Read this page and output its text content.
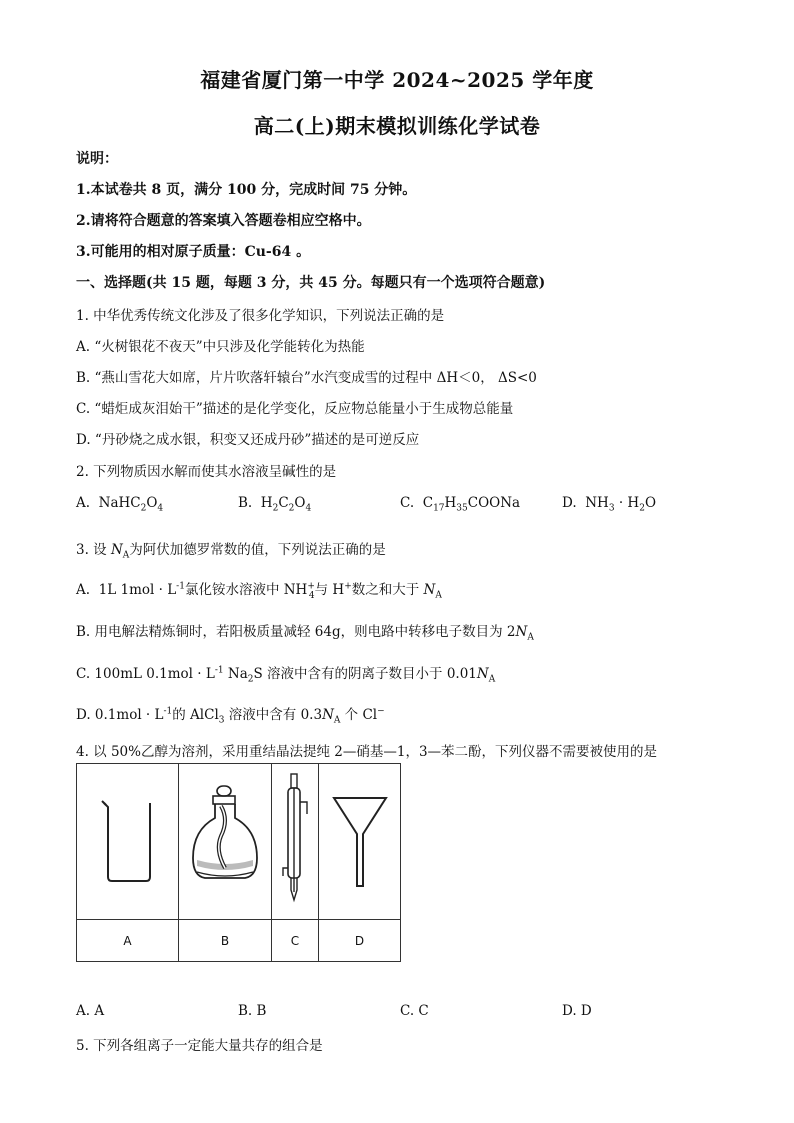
福建省厦门第一中学 2024~2025 学年度
高二(上)期末模拟训练化学试卷
说明：
1.本试卷共 8 页，满分 100 分，完成时间 75 分钟。
2.请将符合题意的答案填入答题卷相应空格中。
3.可能用的相对原子质量：Cu-64 。
一、选择题(共 15 题，每题 3 分，共 45 分。每题只有一个选项符合题意)
1. 中华优秀传统文化涉及了很多化学知识，下列说法正确的是
A. “火树银花不夜天”中只涉及化学能转化为热能
B. “燕山雪花大如席，片片吹落轩辕台”水汽变成雪的过程中 ΔH＜0， ΔS<0
C. “蜡炬成灰泪始干”描述的是化学变化，反应物总能量小于生成物总能量
D. “丹砂烧之成水银，积变又还成丹砂”描述的是可逆反应
2. 下列物质因水解而使其水溶液呈碱性的是
A.  $NaHC_2O_4$	B.  $H_2C_2O_4$	C.  $C_{17}H_{35}COONa$	D.  $NH_3 \cdot H_2O$
3. 设 $N_A$为阿伏加德罗常数的值，下列说法正确的是
A. 1L $1mol \cdot L^{-1}$氯化铵水溶液中 $NH^+_4$与 H+数之和大于 $N_A$
B. 用电解法精炼铜时，若阳极质量减轻 64g，则电路中转移电子数目为 $2N_A$
C. 100mL $0.1mol \cdot L^{-1}$ $Na_2S$ 溶液中含有的阴离子数目小于 $0.01N_A$
D. $0.1mol \cdot L^{-1}$的 AlCl$_3$ 溶液中含有 $0.3N_A$ 个 Cl−
4. 以 50%乙醇为溶剂，采用重结晶法提纯 2—硝基—1，3—苯二酚，下列仪器不需要被使用的是

A	B	C	D
A. A	B. B	C. C	D. D
5. 下列各组离子一定能大量共存的组合是
